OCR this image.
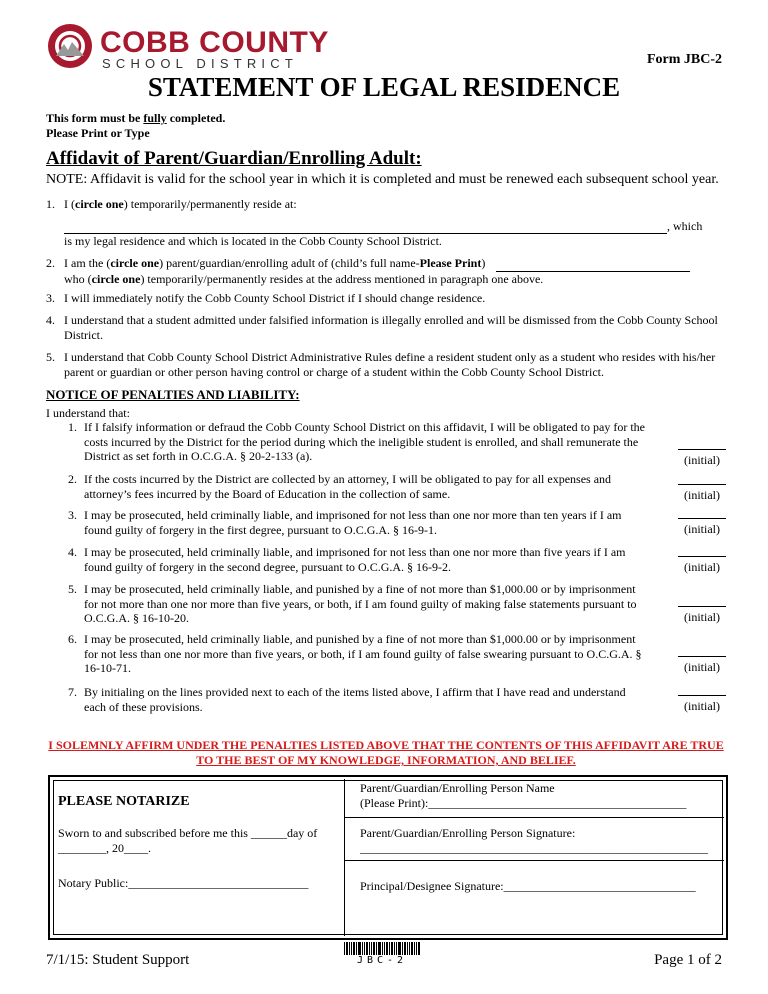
COBB COUNTY
SCHOOL DISTRICT	Form JBC-2
STATEMENT OF LEGAL RESIDENCE
This form must be fully completed.
Please Print or Type
Affidavit of Parent/Guardian/Enrolling Adult:
NOTE: Affidavit is valid for the school year in which it is completed and must be renewed each subsequent school year.
1. I (circle one) temporarily/permanently reside at:
, which
is my legal residence and which is located in the Cobb County School District.
2. I am the (circle one) parent/guardian/enrolling adult of (child’s full name-Please Print)
who (circle one) temporarily/permanently resides at the address mentioned in paragraph one above.
3. I will immediately notify the Cobb County School District if I should change residence.
4. I understand that a student admitted under falsified information is illegally enrolled and will be dismissed from the Cobb County School District.
5. I understand that Cobb County School District Administrative Rules define a resident student only as a student who resides with his/her parent or guardian or other person having control or charge of a student within the Cobb County School District.
NOTICE OF PENALTIES AND LIABILITY:
I understand that:
1. If I falsify information or defraud the Cobb County School District on this affidavit, I will be obligated to pay for the costs incurred by the District for the period during which the ineligible student is enrolled, and shall remunerate the District as set forth in O.C.G.A. § 20-2-133 (a).	(initial)
2. If the costs incurred by the District are collected by an attorney, I will be obligated to pay for all expenses and attorney’s fees incurred by the Board of Education in the collection of same.	(initial)
3. I may be prosecuted, held criminally liable, and imprisoned for not less than one nor more than ten years if I am found guilty of forgery in the first degree, pursuant to O.C.G.A. § 16-9-1.	(initial)
4. I may be prosecuted, held criminally liable, and imprisoned for not less than one nor more than five years if I am found guilty of forgery in the second degree, pursuant to O.C.G.A. § 16-9-2.	(initial)
5. I may be prosecuted, held criminally liable, and punished by a fine of not more than $1,000.00 or by imprisonment for not more than one nor more than five years, or both, if I am found guilty of making false statements pursuant to O.C.G.A. § 16-10-20.	(initial)
6. I may be prosecuted, held criminally liable, and punished by a fine of not more than $1,000.00 or by imprisonment for not less than one nor more than five years, or both, if I am found guilty of false swearing pursuant to O.C.G.A. § 16-10-71.	(initial)
7. By initialing on the lines provided next to each of the items listed above, I affirm that I have read and understand each of these provisions.	(initial)
I SOLEMNLY AFFIRM UNDER THE PENALTIES LISTED ABOVE THAT THE CONTENTS OF THIS AFFIDAVIT ARE TRUE TO THE BEST OF MY KNOWLEDGE, INFORMATION, AND BELIEF.
PLEASE NOTARIZE
Sworn to and subscribed before me this ______day of
________, 20____.
Notary Public:______________________________
Parent/Guardian/Enrolling Person Name
(Please Print):___________________________________________
Parent/Guardian/Enrolling Person Signature:
__________________________________________________________
Principal/Designee Signature:________________________________
7/1/15: Student Support	JBC-2	Page 1 of 2
